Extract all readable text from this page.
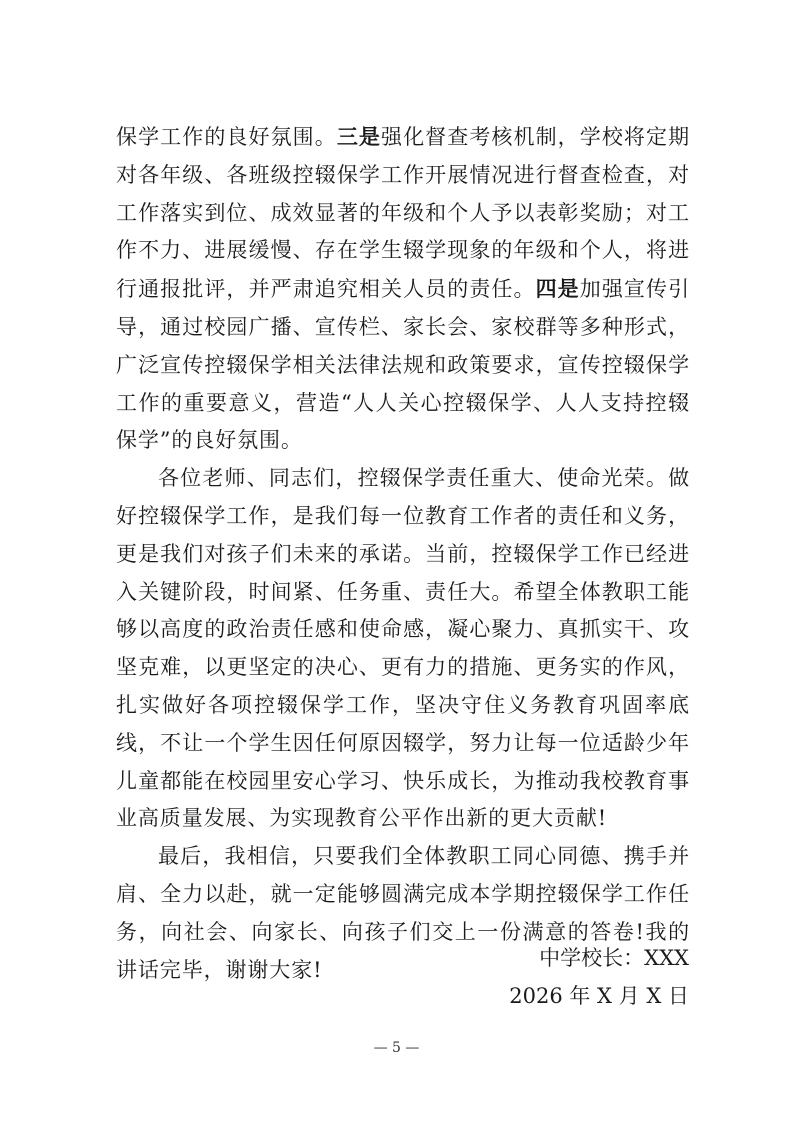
保学工作的良好氛围。三是强化督查考核机制，学校将定期对各年级、各班级控辍保学工作开展情况进行督查检查，对工作落实到位、成效显著的年级和个人予以表彰奖励；对工作不力、进展缓慢、存在学生辍学现象的年级和个人，将进行通报批评，并严肃追究相关人员的责任。四是加强宣传引导，通过校园广播、宣传栏、家长会、家校群等多种形式，广泛宣传控辍保学相关法律法规和政策要求，宣传控辍保学工作的重要意义，营造“人人关心控辍保学、人人支持控辍保学”的良好氛围。

各位老师、同志们，控辍保学责任重大、使命光荣。做好控辍保学工作，是我们每一位教育工作者的责任和义务，更是我们对孩子们未来的承诺。当前，控辍保学工作已经进入关键阶段，时间紧、任务重、责任大。希望全体教职工能够以高度的政治责任感和使命感，凝心聚力、真抓实干、攻坚克难，以更坚定的决心、更有力的措施、更务实的作风，扎实做好各项控辍保学工作，坚决守住义务教育巩固率底线，不让一个学生因任何原因辍学，努力让每一位适龄少年儿童都能在校园里安心学习、快乐成长，为推动我校教育事业高质量发展、为实现教育公平作出新的更大贡献!

最后，我相信，只要我们全体教职工同心同德、携手并肩、全力以赴，就一定能够圆满完成本学期控辍保学工作任务，向社会、向家长、向孩子们交上一份满意的答卷!我的讲话完毕，谢谢大家!	中学校长：XXX
2026 年 X 月 X 日
— 5 —
